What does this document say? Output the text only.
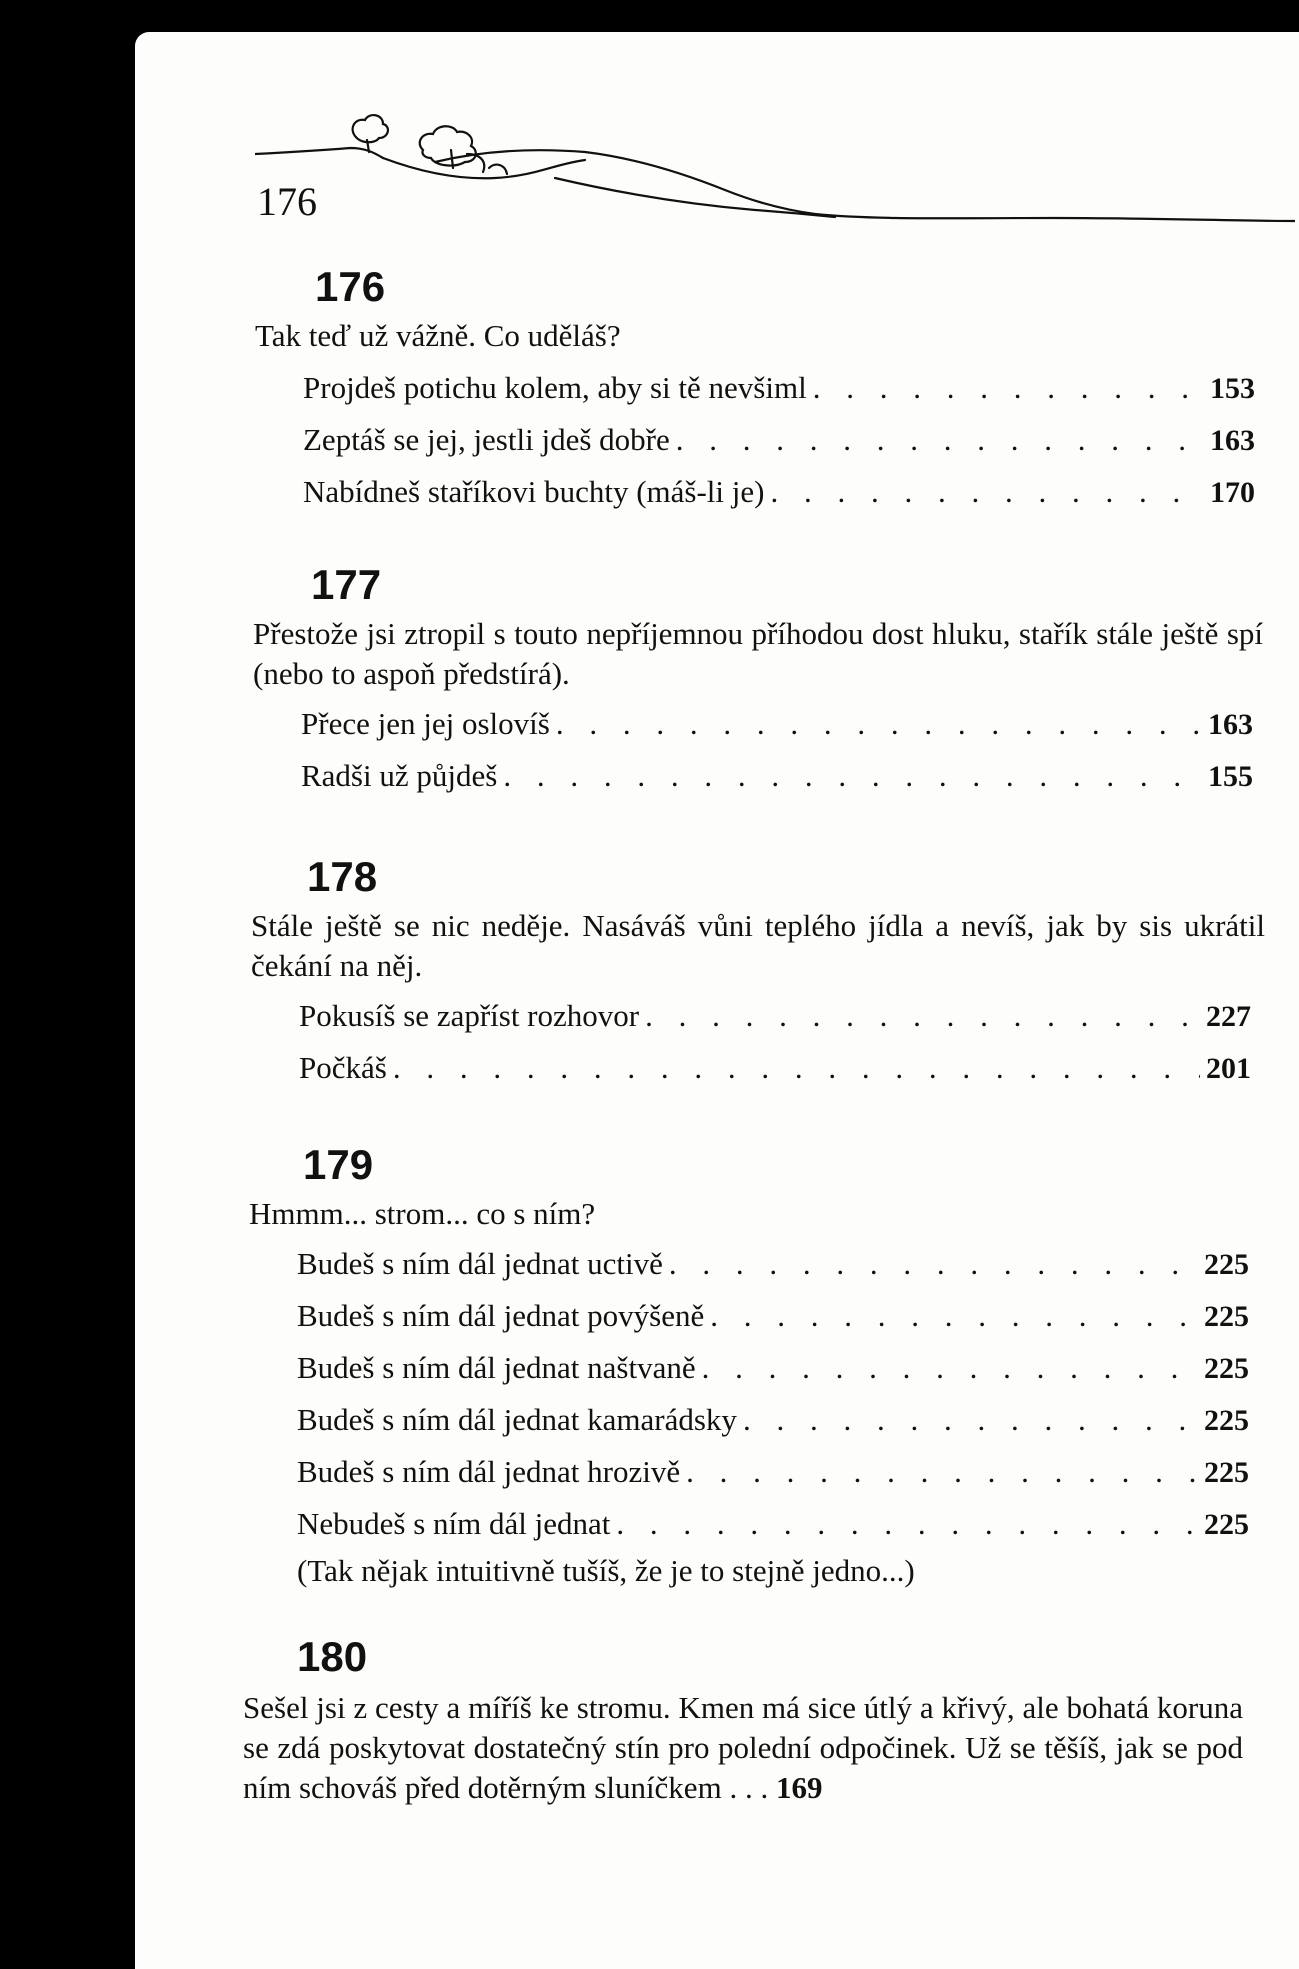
176
176

Tak teď už vážně. Co uděláš?

Projdeš potichu kolem, aby si tě nevšiml . . .	153
Zeptáš se jej, jestli jdeš dobře . . .	163
Nabídneš staříkovi buchty (máš-li je) . . .	170
177

Přestože jsi ztropil s touto nepříjemnou příhodou dost hluku, stařík stále ještě spí (nebo to aspoň předstírá).

Přece jen jej oslovíš . . .	163
Radši už půjdeš . . .	155
178

Stále ještě se nic neděje. Nasáváš vůni teplého jídla a nevíš, jak by sis ukrátil čekání na něj.

Pokusíš se zapříst rozhovor . . .	227
Počkáš . . .	201
179

Hmmm... strom... co s ním?

Budeš s ním dál jednat uctivě . . .	225
Budeš s ním dál jednat povýšeně . . .	225
Budeš s ním dál jednat naštvaně . . .	225
Budeš s ním dál jednat kamarádsky . . .	225
Budeš s ním dál jednat hrozivě . . .	225
Nebudeš s ním dál jednat . . .	225
(Tak nějak intuitivně tušíš, že je to stejně jedno...)
180

Sešel jsi z cesty a míříš ke stromu. Kmen má sice útlý a křivý, ale bohatá koruna se zdá poskytovat dostatečný stín pro polední odpočinek. Už se těšíš, jak se pod ním schováš před dotěrným sluníčkem . . . 169
